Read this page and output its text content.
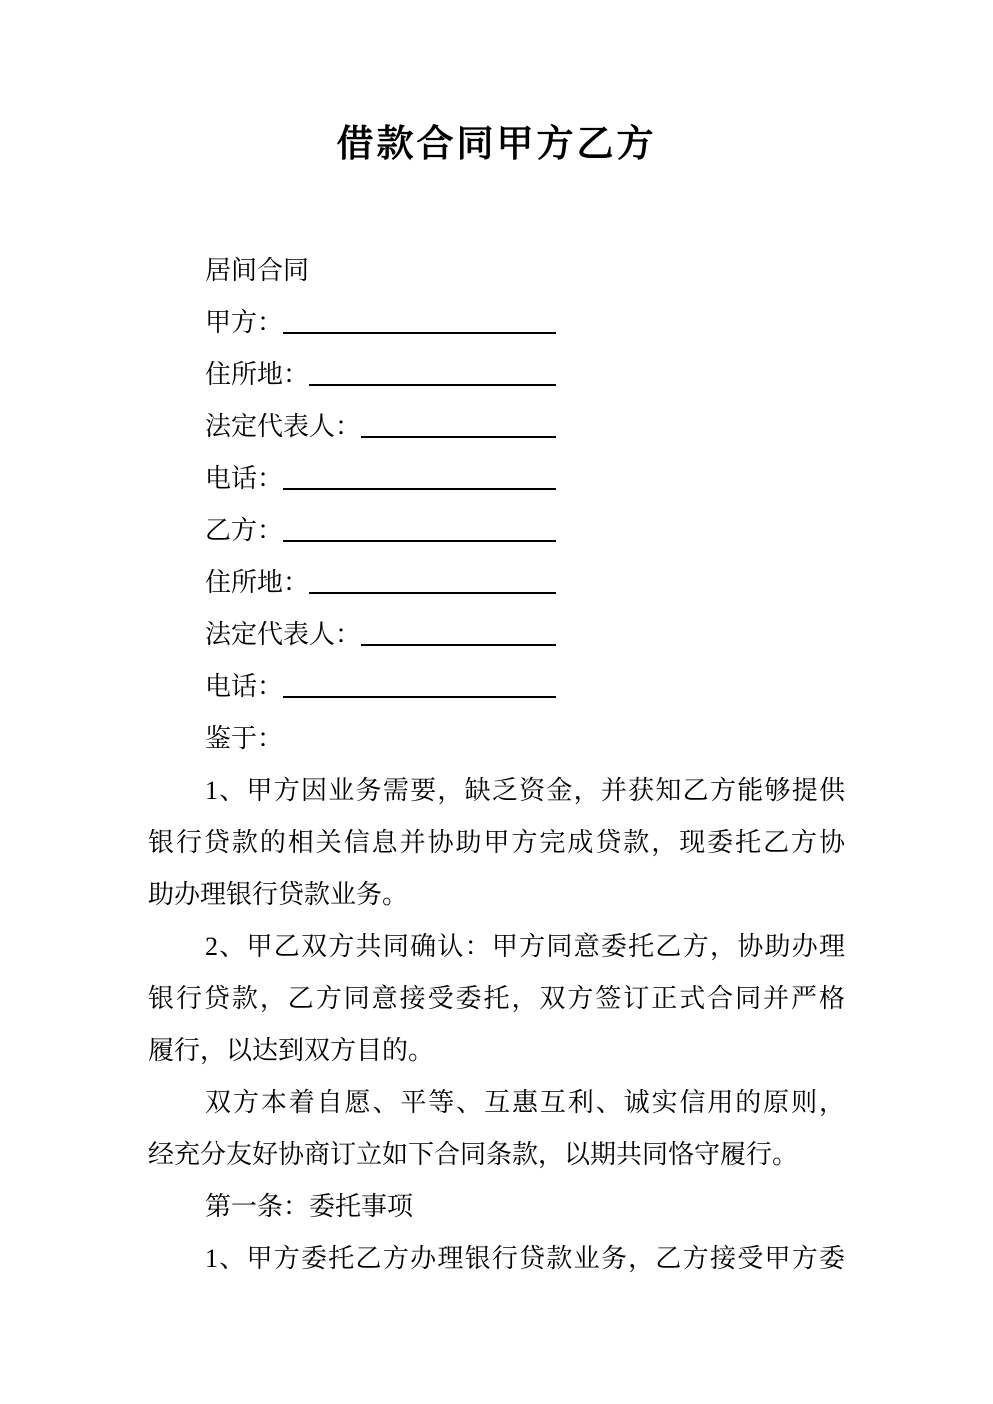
借款合同甲方乙方

居间合同

甲方：
住所地：
法定代表人：
电话：
乙方：
住所地：
法定代表人：
电话：

鉴于：

1、甲方因业务需要，缺乏资金，并获知乙方能够提供

银行贷款的相关信息并协助甲方完成贷款，现委托乙方协

助办理银行贷款业务。

2、甲乙双方共同确认：甲方同意委托乙方，协助办理

银行贷款，乙方同意接受委托，双方签订正式合同并严格

履行，以达到双方目的。

双方本着自愿、平等、互惠互利、诚实信用的原则，

经充分友好协商订立如下合同条款，以期共同恪守履行。

第一条：委托事项

1、甲方委托乙方办理银行贷款业务，乙方接受甲方委
